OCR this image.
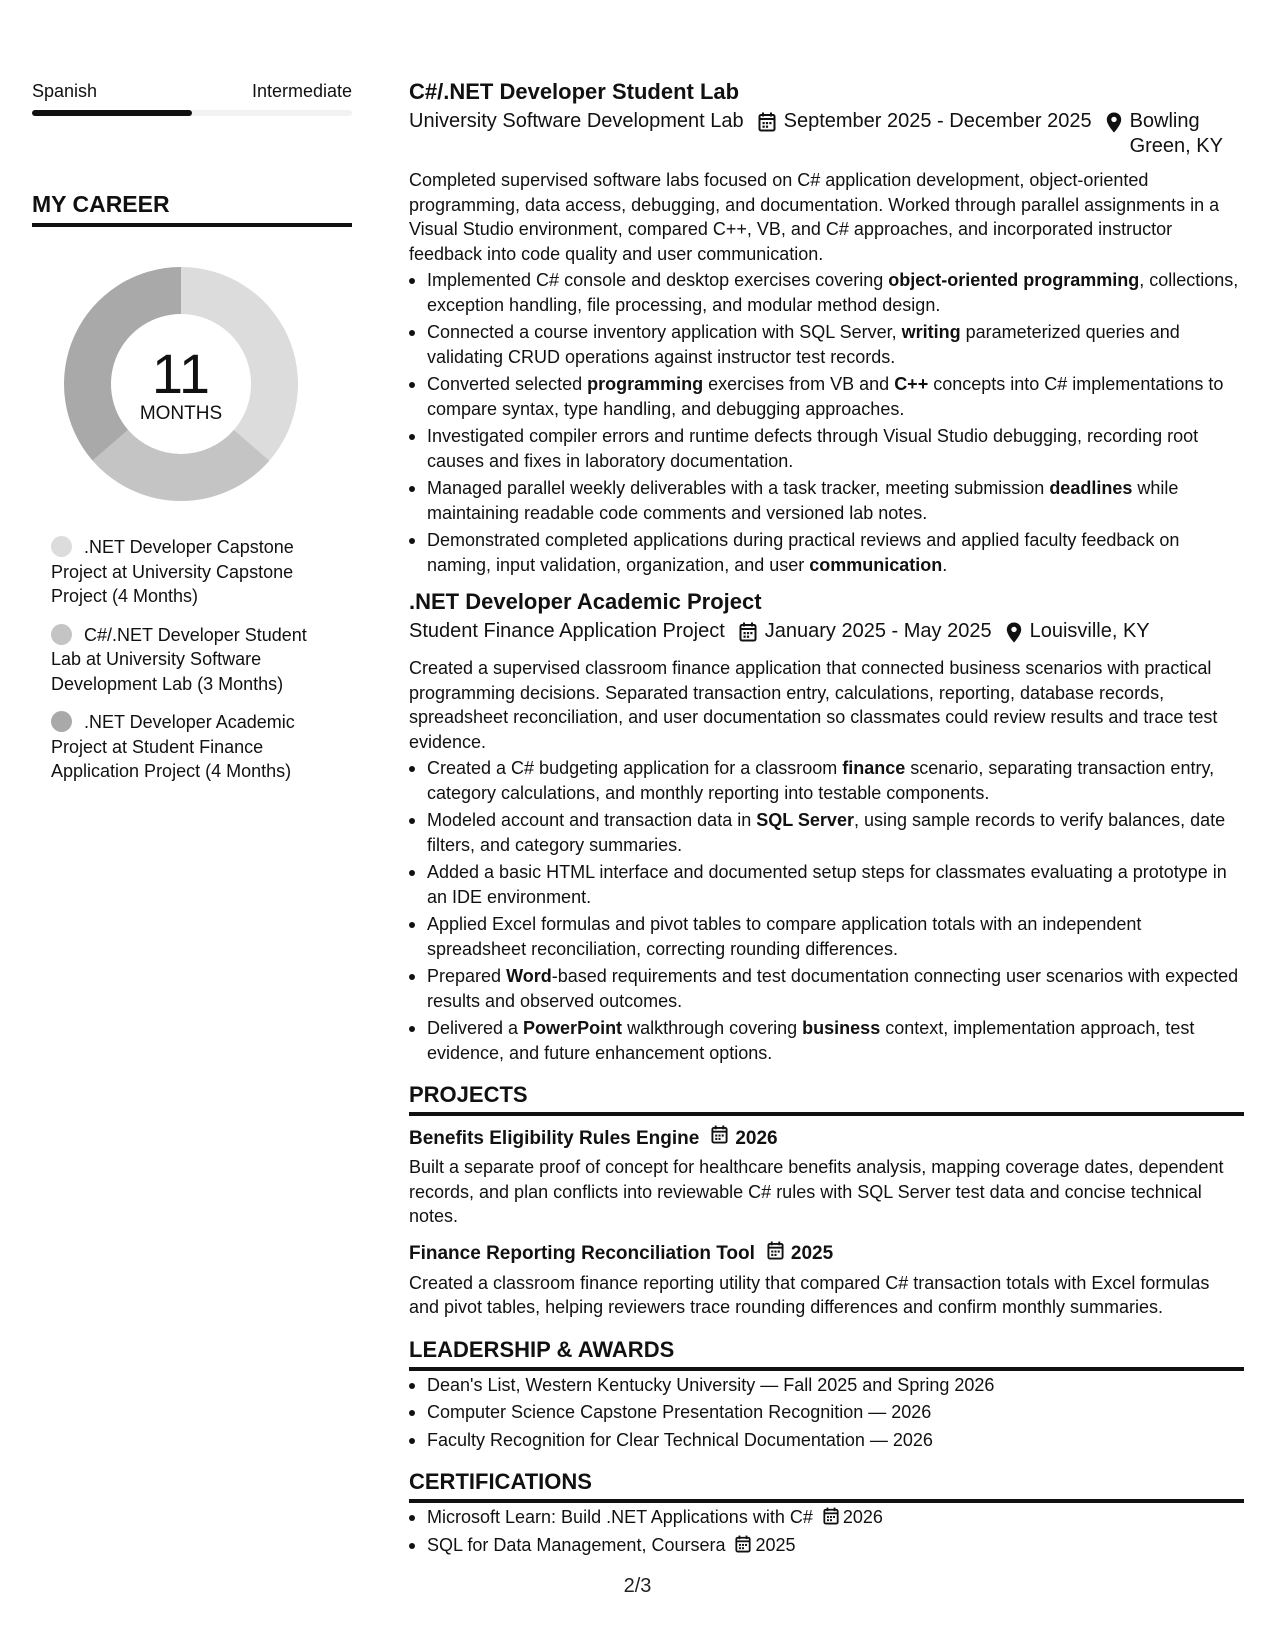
Spanish	Intermediate
MY CAREER
11
MONTHS
.NET Developer Capstone Project at University Capstone Project (4 Months)
C#/.NET Developer Student Lab at University Software Development Lab (3 Months)
.NET Developer Academic Project at Student Finance Application Project (4 Months)
C#/.NET Developer Student Lab
University Software Development Lab September 2025 - December 2025 Bowling Green, KY
Completed supervised software labs focused on C# application development, object-oriented programming, data access, debugging, and documentation. Worked through parallel assignments in a Visual Studio environment, compared C++, VB, and C# approaches, and incorporated instructor feedback into code quality and user communication.
Implemented C# console and desktop exercises covering object-oriented programming, collections, exception handling, file processing, and modular method design.
Connected a course inventory application with SQL Server, writing parameterized queries and validating CRUD operations against instructor test records.
Converted selected programming exercises from VB and C++ concepts into C# implementations to compare syntax, type handling, and debugging approaches.
Investigated compiler errors and runtime defects through Visual Studio debugging, recording root causes and fixes in laboratory documentation.
Managed parallel weekly deliverables with a task tracker, meeting submission deadlines while maintaining readable code comments and versioned lab notes.
Demonstrated completed applications during practical reviews and applied faculty feedback on naming, input validation, organization, and user communication.
.NET Developer Academic Project
Student Finance Application Project January 2025 - May 2025 Louisville, KY
Created a supervised classroom finance application that connected business scenarios with practical programming decisions. Separated transaction entry, calculations, reporting, database records, spreadsheet reconciliation, and user documentation so classmates could review results and trace test evidence.
Created a C# budgeting application for a classroom finance scenario, separating transaction entry, category calculations, and monthly reporting into testable components.
Modeled account and transaction data in SQL Server, using sample records to verify balances, date filters, and category summaries.
Added a basic HTML interface and documented setup steps for classmates evaluating a prototype in an IDE environment.
Applied Excel formulas and pivot tables to compare application totals with an independent spreadsheet reconciliation, correcting rounding differences.
Prepared Word-based requirements and test documentation connecting user scenarios with expected results and observed outcomes.
Delivered a PowerPoint walkthrough covering business context, implementation approach, test evidence, and future enhancement options.
PROJECTS
Benefits Eligibility Rules Engine 2026
Built a separate proof of concept for healthcare benefits analysis, mapping coverage dates, dependent records, and plan conflicts into reviewable C# rules with SQL Server test data and concise technical notes.
Finance Reporting Reconciliation Tool 2025
Created a classroom finance reporting utility that compared C# transaction totals with Excel formulas and pivot tables, helping reviewers trace rounding differences and confirm monthly summaries.
LEADERSHIP & AWARDS
Dean's List, Western Kentucky University — Fall 2025 and Spring 2026
Computer Science Capstone Presentation Recognition — 2026
Faculty Recognition for Clear Technical Documentation — 2026
CERTIFICATIONS
Microsoft Learn: Build .NET Applications with C# 2026
SQL for Data Management, Coursera 2025
2/3
